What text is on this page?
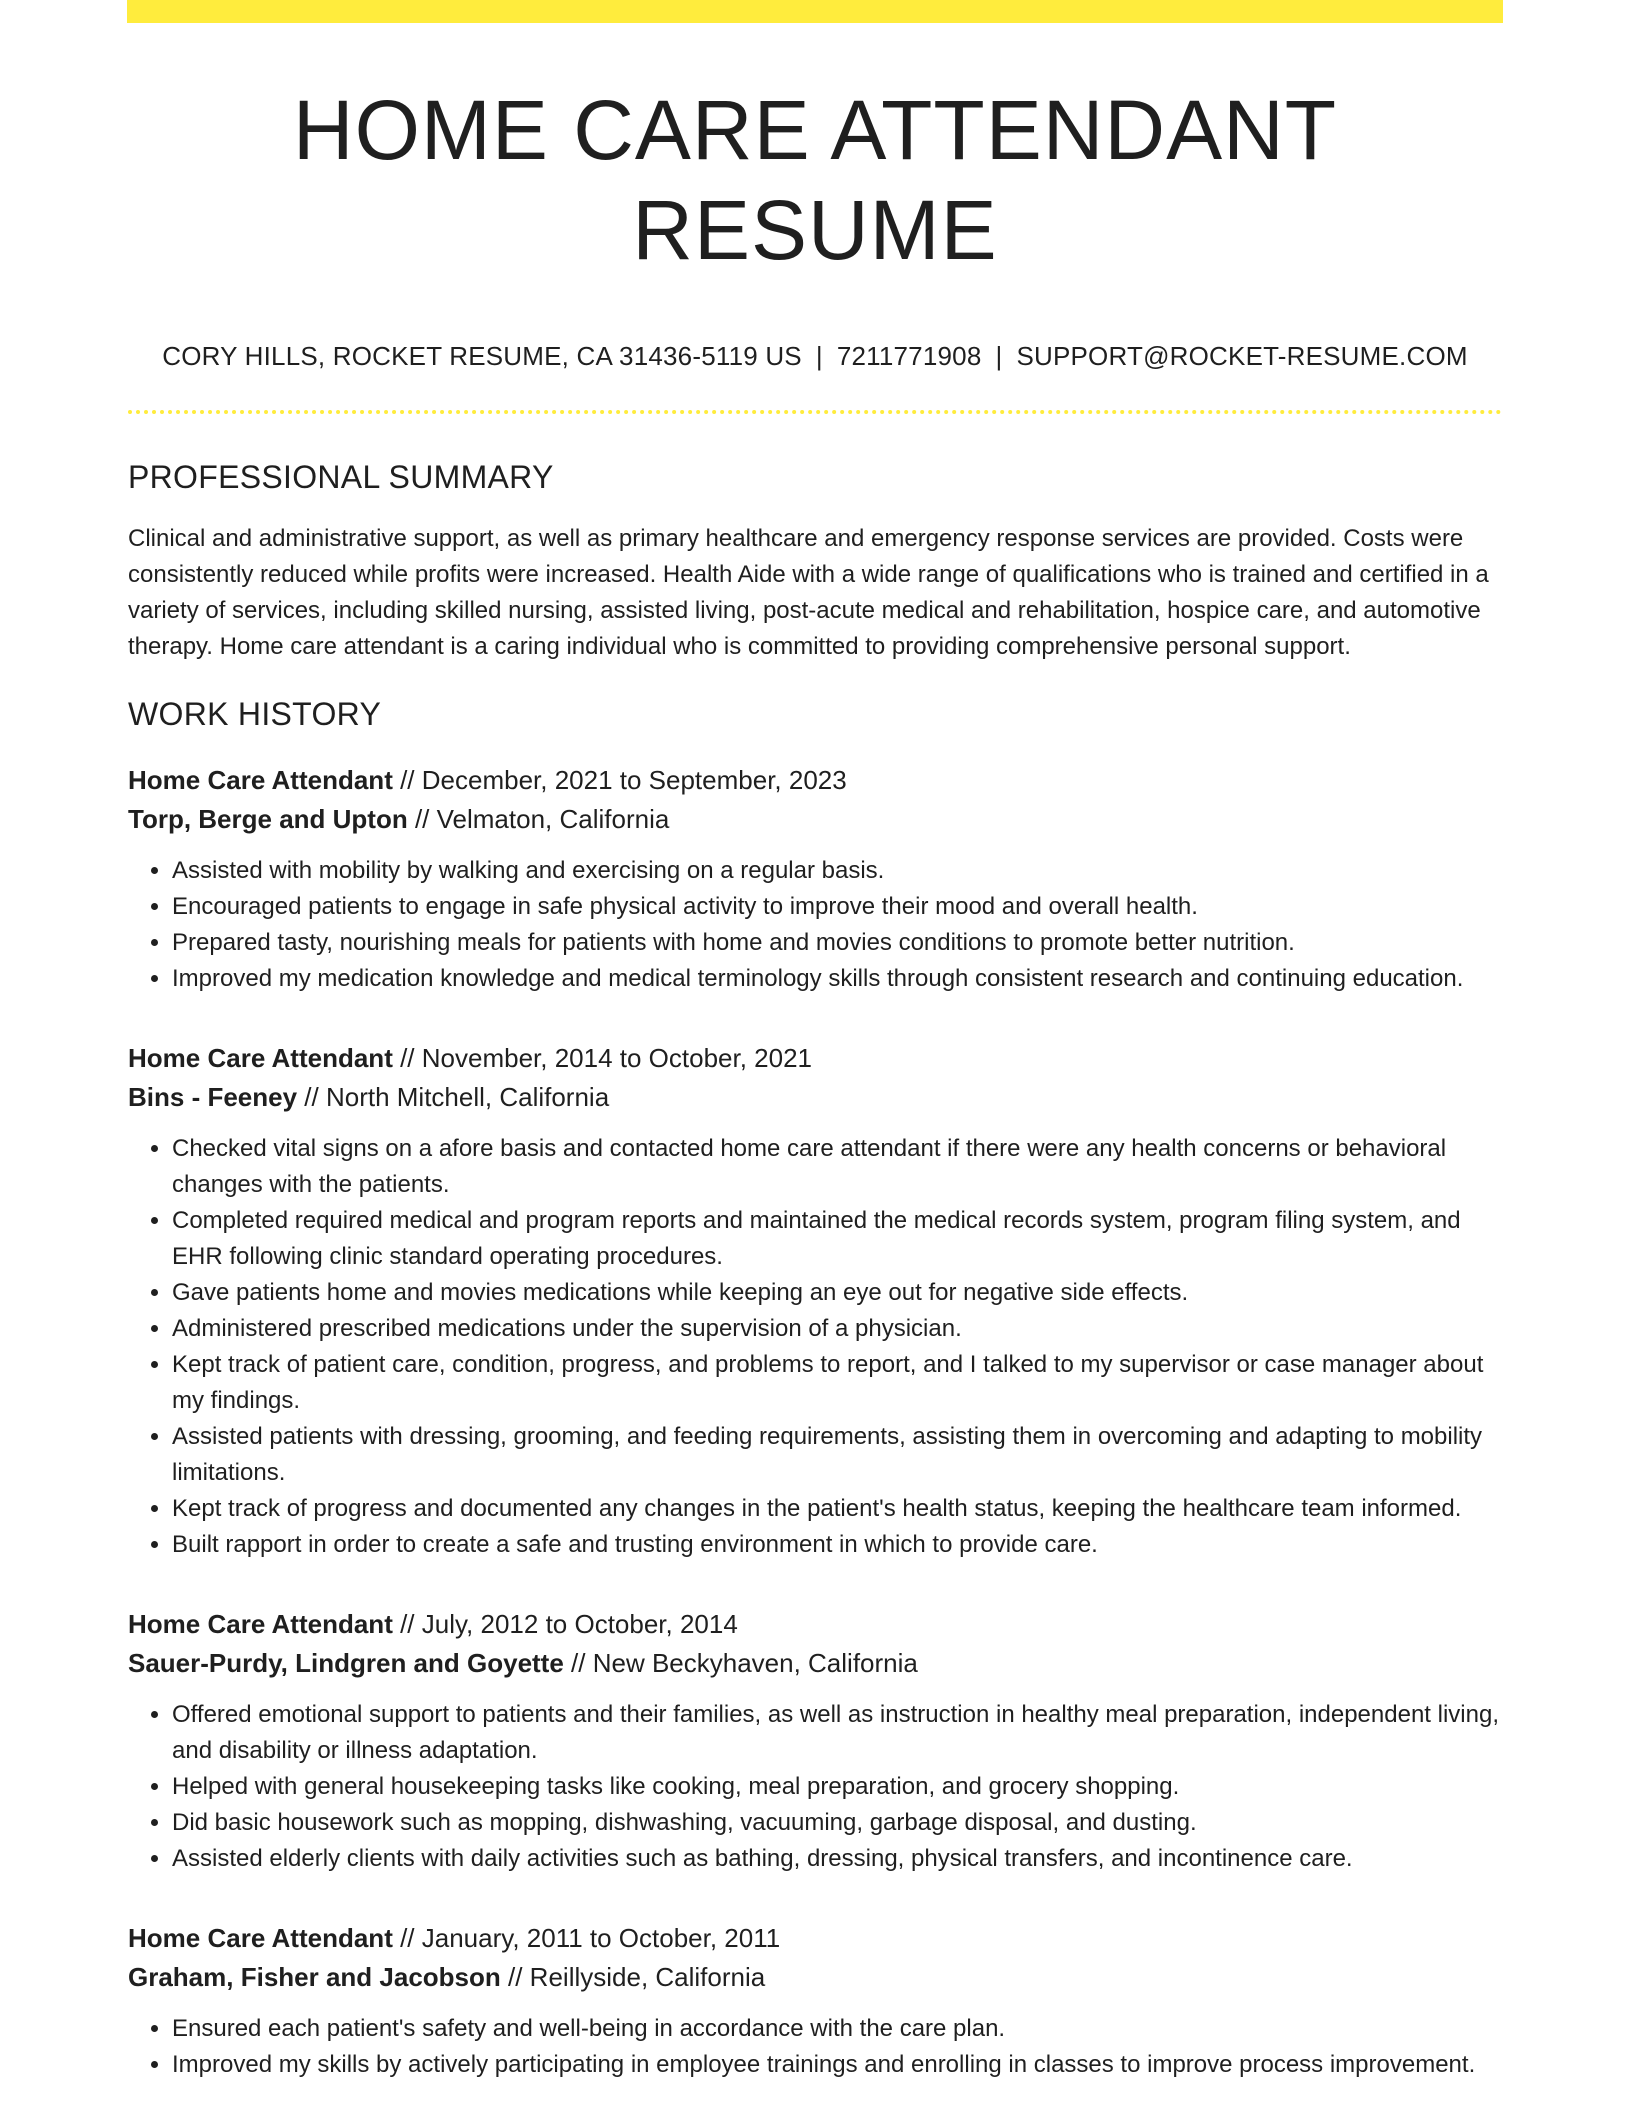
HOME CARE ATTENDANT RESUME
CORY HILLS, ROCKET RESUME, CA 31436-5119 US | 7211771908 | SUPPORT@ROCKET-RESUME.COM
PROFESSIONAL SUMMARY
Clinical and administrative support, as well as primary healthcare and emergency response services are provided. Costs were consistently reduced while profits were increased. Health Aide with a wide range of qualifications who is trained and certified in a variety of services, including skilled nursing, assisted living, post-acute medical and rehabilitation, hospice care, and automotive therapy. Home care attendant is a caring individual who is committed to providing comprehensive personal support.
WORK HISTORY
Home Care Attendant // December, 2021 to September, 2023
Torp, Berge and Upton // Velmaton, California
• Assisted with mobility by walking and exercising on a regular basis.
• Encouraged patients to engage in safe physical activity to improve their mood and overall health.
• Prepared tasty, nourishing meals for patients with home and movies conditions to promote better nutrition.
• Improved my medication knowledge and medical terminology skills through consistent research and continuing education.
Home Care Attendant // November, 2014 to October, 2021
Bins - Feeney // North Mitchell, California
• Checked vital signs on a afore basis and contacted home care attendant if there were any health concerns or behavioral changes with the patients.
• Completed required medical and program reports and maintained the medical records system, program filing system, and EHR following clinic standard operating procedures.
• Gave patients home and movies medications while keeping an eye out for negative side effects.
• Administered prescribed medications under the supervision of a physician.
• Kept track of patient care, condition, progress, and problems to report, and I talked to my supervisor or case manager about my findings.
• Assisted patients with dressing, grooming, and feeding requirements, assisting them in overcoming and adapting to mobility limitations.
• Kept track of progress and documented any changes in the patient's health status, keeping the healthcare team informed.
• Built rapport in order to create a safe and trusting environment in which to provide care.
Home Care Attendant // July, 2012 to October, 2014
Sauer-Purdy, Lindgren and Goyette // New Beckyhaven, California
• Offered emotional support to patients and their families, as well as instruction in healthy meal preparation, independent living, and disability or illness adaptation.
• Helped with general housekeeping tasks like cooking, meal preparation, and grocery shopping.
• Did basic housework such as mopping, dishwashing, vacuuming, garbage disposal, and dusting.
• Assisted elderly clients with daily activities such as bathing, dressing, physical transfers, and incontinence care.
Home Care Attendant // January, 2011 to October, 2011
Graham, Fisher and Jacobson // Reillyside, California
• Ensured each patient's safety and well-being in accordance with the care plan.
• Improved my skills by actively participating in employee trainings and enrolling in classes to improve process improvement.
